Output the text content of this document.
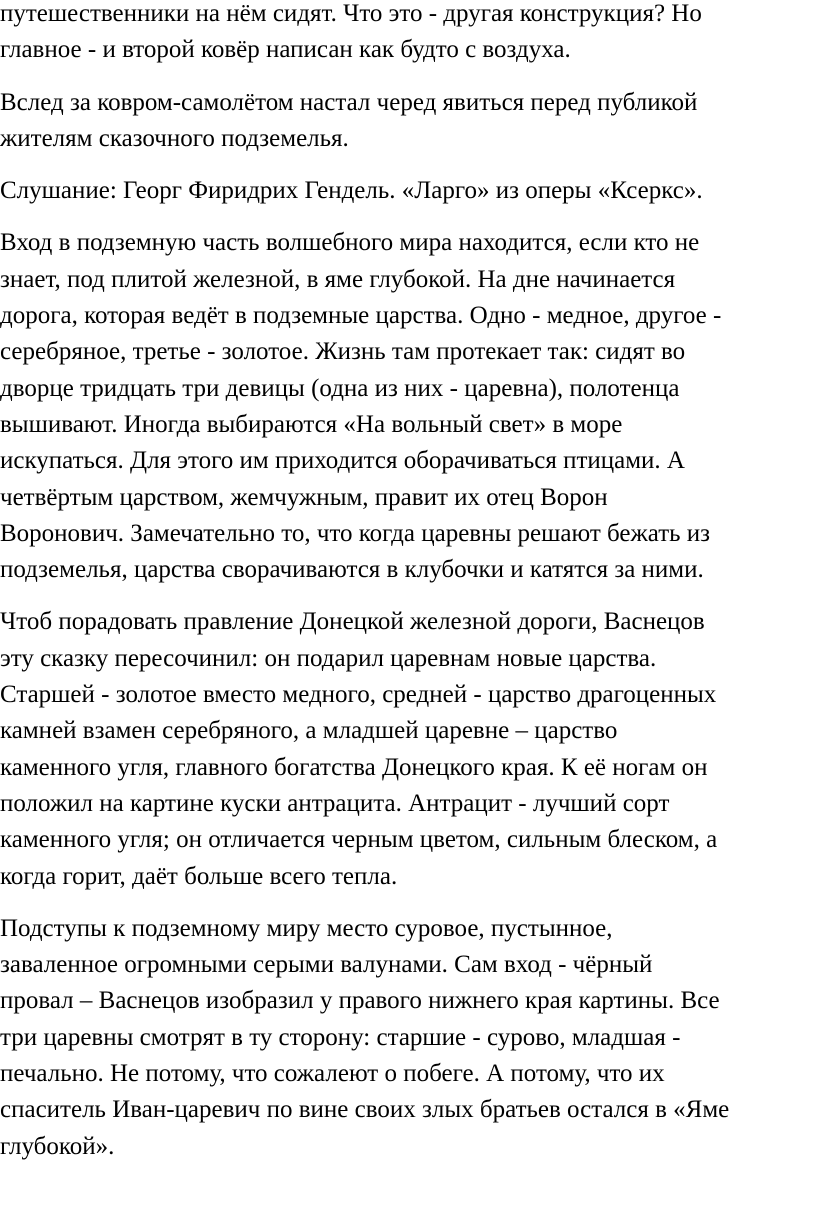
путешественники на нём сидят. Что это - другая конструкция? Но
главное - и второй ковёр написан как будто с воздуха.

Вслед за ковром-самолётом настал черед явиться перед публикой
жителям сказочного подземелья.

Слушание: Георг Фиридрих Гендель. «Ларго» из оперы «Ксеркс».

Вход в подземную часть волшебного мира находится, если кто не
знает, под плитой железной, в яме глубокой. На дне начинается
дорога, которая ведёт в подземные царства. Одно - медное, другое -
серебряное, третье - золотое. Жизнь там протекает так: сидят во
дворце тридцать три девицы (одна из них - царевна), полотенца
вышивают. Иногда выбираются «На вольный свет» в море
искупаться. Для этого им приходится оборачиваться птицами. А
четвёртым царством, жемчужным, правит их отец Ворон
Воронович. Замечательно то, что когда царевны решают бежать из
подземелья, царства сворачиваются в клубочки и катятся за ними.

Чтоб порадовать правление Донецкой железной дороги, Васнецов
эту сказку пересочинил: он подарил царевнам новые царства.
Старшей - золотое вместо медного, средней - царство драгоценных
камней взамен серебряного, а младшей царевне – царство
каменного угля, главного богатства Донецкого края. К её ногам он
положил на картине куски антрацита. Антрацит - лучший сорт
каменного угля; он отличается черным цветом, сильным блеском, а
когда горит, даёт больше всего тепла.

Подступы к подземному миру место суровое, пустынное,
заваленное огромными серыми валунами. Сам вход - чёрный
провал – Васнецов изобразил у правого нижнего края картины. Все
три царевны смотрят в ту сторону: старшие - сурово, младшая -
печально. Не потому, что сожалеют о побеге. А потому, что их
спаситель Иван-царевич по вине своих злых братьев остался в «Яме
глубокой».
